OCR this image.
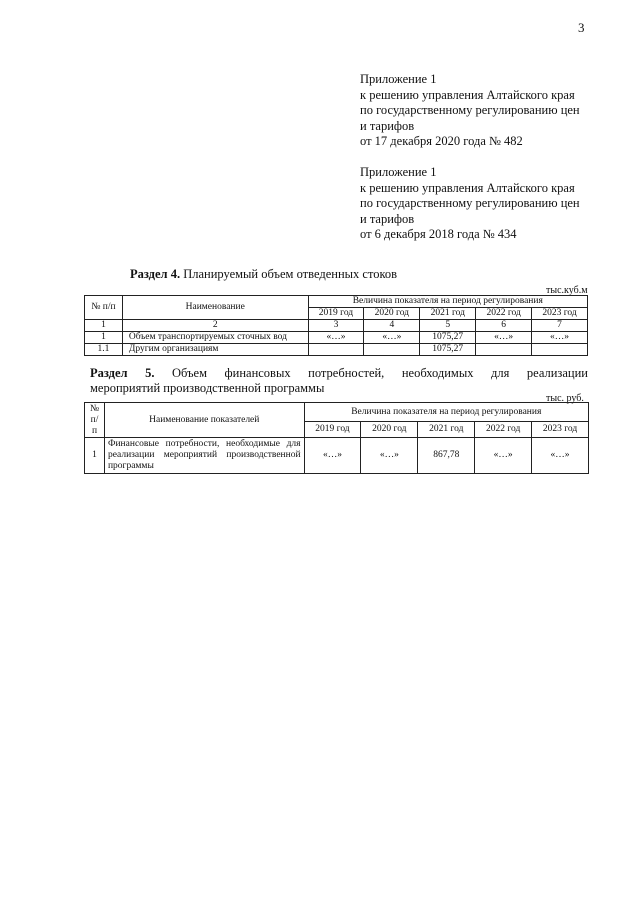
3
Приложение 1
к решению управления Алтайского края
по государственному регулированию цен
и тарифов
от 17 декабря 2020 года № 482
Приложение 1
к решению управления Алтайского края
по государственному регулированию цен
и тарифов
от 6 декабря 2018 года № 434
Раздел 4. Планируемый объем отведенных стоков
тыс.куб.м
№ п/п	Наименование	Величина показателя на период регулирования				
		2019 год	2020 год	2021 год	2022 год	2023 год
1	2	3	4	5	6	7
1	Объем транспортируемых сточных вод	«…»	«…»	1075,27	«…»	«…»
1.1	Другим организациям			1075,27		
Раздел 5. Объем финансовых потребностей, необходимых для реализации
мероприятий производственной программы
тыс. руб.
№ п/ п	Наименование показателей	Величина показателя на период регулирования				
		2019 год	2020 год	2021 год	2022 год	2023 год
1	Финансовые потребности, необходимые для реализации мероприятий производственной программы	«…»	«…»	867,78	«…»	«…»
